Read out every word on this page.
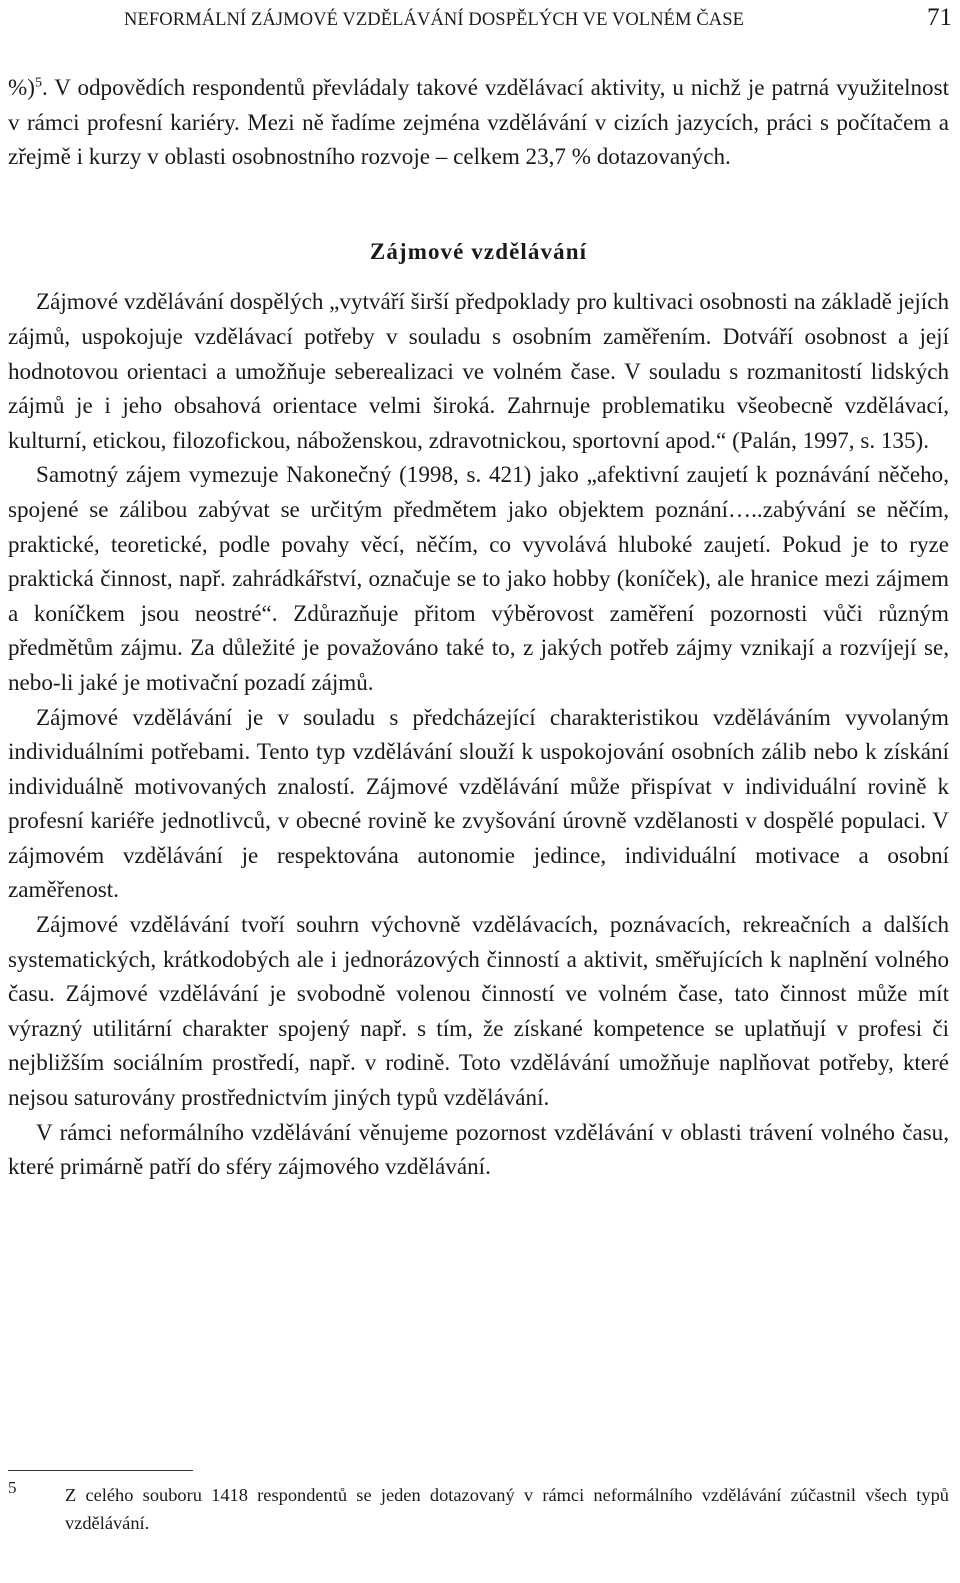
NEFORMÁLNÍ ZÁJMOVÉ VZDĚLÁVÁNÍ DOSPĚLÝCH VE VOLNÉM ČASE	71

%)$^5$. V odpovědích respondentů převládaly takové vzdělávací aktivity, u nichž je patrná využitelnost v rámci profesní kariéry. Mezi ně řadíme zejména vzdělávání v cizích jazycích, práci s počítačem a zřejmě i kurzy v oblasti osobnostního rozvoje – celkem 23,7 % dotazovaných.

Zájmové vzdělávání

Zájmové vzdělávání dospělých „vytváří širší předpoklady pro kultivaci osobnosti na základě jejích zájmů, uspokojuje vzdělávací potřeby v souladu s osobním zaměřením. Dotváří osobnost a její hodnotovou orientaci a umožňuje seberealizaci ve volném čase. V souladu s rozmanitostí lidských zájmů je i jeho obsahová orientace velmi široká. Zahrnuje problematiku všeobecně vzdělávací, kulturní, etickou, filozofickou, náboženskou, zdravotnickou, sportovní apod.“ (Palán, 1997, s. 135).

Samotný zájem vymezuje Nakonečný (1998, s. 421) jako „afektivní zaujetí k poznávání něčeho, spojené se zálibou zabývat se určitým předmětem jako objektem poznání…..zabývání se něčím, praktické, teoretické, podle povahy věcí, něčím, co vyvolává hluboké zaujetí. Pokud je to ryze praktická činnost, např. zahrádkářství, označuje se to jako hobby (koníček), ale hranice mezi zájmem a koníčkem jsou neostré“. Zdůrazňuje přitom výběrovost zaměření pozornosti vůči různým předmětům zájmu. Za důležité je považováno také to, z jakých potřeb zájmy vznikají a rozvíjejí se, nebo-li jaké je motivační pozadí zájmů.

Zájmové vzdělávání je v souladu s předcházející charakteristikou vzděláváním vyvolaným individuálními potřebami. Tento typ vzdělávání slouží k uspokojování osobních zálib nebo k získání individuálně motivovaných znalostí. Zájmové vzdělávání může přispívat v individuální rovině k profesní kariéře jednotlivců, v obecné rovině ke zvyšování úrovně vzdělanosti v dospělé populaci. V zájmovém vzdělávání je respektována autonomie jedince, individuální motivace a osobní zaměřenost.

Zájmové vzdělávání tvoří souhrn výchovně vzdělávacích, poznávacích, rekreačních a dalších systematických, krátkodobých ale i jednorázových činností a aktivit, směřujících k naplnění volného času. Zájmové vzdělávání je svobodně volenou činností ve volném čase, tato činnost může mít výrazný utilitární charakter spojený např. s tím, že získané kompetence se uplatňují v profesi či nejbližším sociálním prostředí, např. v rodině. Toto vzdělávání umožňuje naplňovat potřeby, které nejsou saturovány prostřednictvím jiných typů vzdělávání.

V rámci neformálního vzdělávání věnujeme pozornost vzdělávání v oblasti trávení volného času, které primárně patří do sféry zájmového vzdělávání.

5	Z celého souboru 1418 respondentů se jeden dotazovaný v rámci neformálního vzdělávání zúčastnil všech typů vzdělávání.
